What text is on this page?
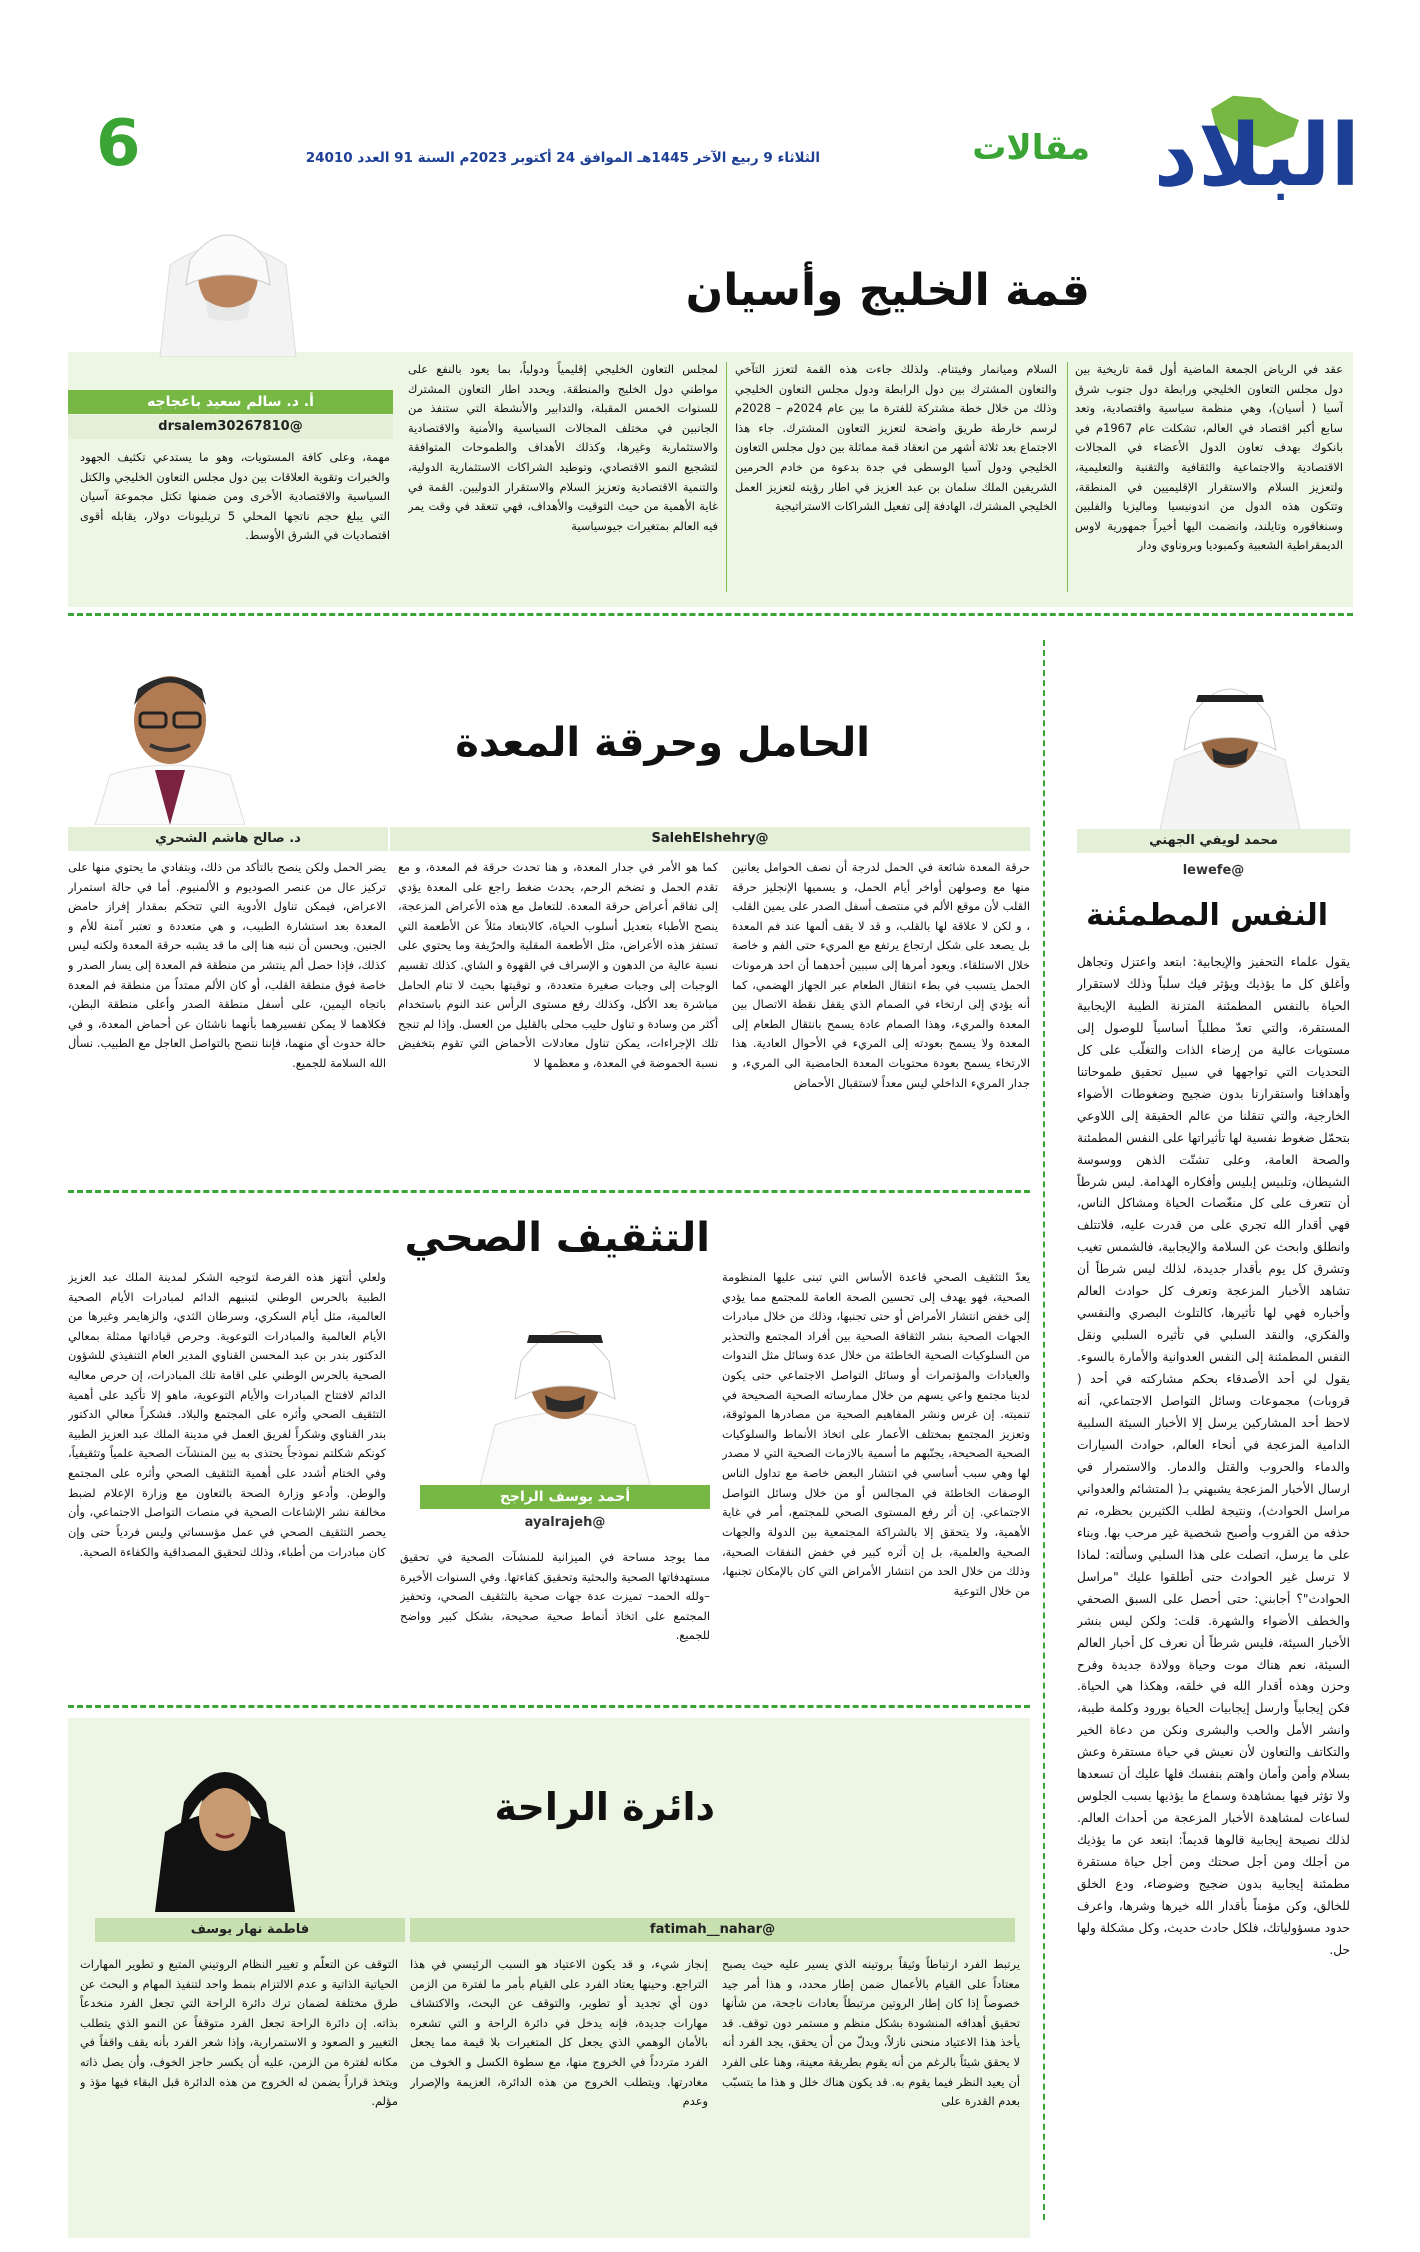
البلاد
مقالات
الثلاثاء 9 ربيع الآخر 1445هـ الموافق 24 أكتوبر 2023م السنة 91 العدد 24010
6
قمة الخليج وأسيان
أ. د. سالم سعيد باعجاجه
@drsalem30267810

عقد في الرياض الجمعة الماضية أول قمة تاريخية بين دول مجلس التعاون الخليجي ورابطة دول جنوب شرق آسيا ( أسيان)، وهي منظمة سياسية واقتصادية، وتعد سابع أكبر اقتصاد في العالم، تشكلت عام 1967م في بانكوك بهدف تعاون الدول الأعضاء في المجالات الاقتصادية والاجتماعية والثقافية والتقنية والتعليمية، ولتعزيز السلام والاستقرار الإقليميين في المنطقة، وتتكون هذه الدول من اندونيسيا وماليزيا والفلبين وسنغافوره وتايلند، وانضمت اليها أخيراً جمهورية لاوس الديمقراطية الشعبية وكمبوديا وبروناوي ودار

السلام وميانمار وفيتنام. ولذلك جاءت هذه القمة لتعزز التآخي والتعاون المشترك بين دول الرابطة ودول مجلس التعاون الخليجي وذلك من خلال خطة مشتركة للفترة ما بين عام 2024م – 2028م لرسم خارطة طريق واضحة لتعزيز التعاون المشترك. جاء هذا الاجتماع بعد ثلاثة أشهر من انعقاد قمة مماثلة بين دول مجلس التعاون الخليجي ودول آسيا الوسطى في جدة بدعوة من خادم الحرمين الشريفين الملك سلمان بن عبد العزيز في اطار رؤيته لتعزيز العمل الخليجي المشترك، الهادفة إلى تفعيل الشراكات الاستراتيجية

لمجلس التعاون الخليجي إقليمياً ودولياً، بما يعود بالنفع على مواطني دول الخليج والمنطقة. ويحدد اطار التعاون المشترك للسنوات الخمس المقبلة، والتدابير والأنشطة التي ستنفذ من الجانبين في مختلف المجالات السياسية والأمنية والاقتصادية والاستثمارية وغيرها، وكذلك الأهداف والطموحات المتوافقة لتشجيع النمو الاقتصادي، وتوطيد الشراكات الاستثمارية الدولية، والتنمية الاقتصادية وتعزيز السلام والاستقرار الدوليين. القمة في غاية الأهمية من حيث التوقيت والأهداف، فهي تنعقد في وقت يمر فيه العالم بمتغيرات جيوسياسية

مهمة، وعلى كافة المستويات، وهو ما يستدعي تكثيف الجهود والخبرات وتقوية العلاقات بين دول مجلس التعاون الخليجي والكتل السياسية والاقتصادية الأخرى ومن ضمنها تكتل مجموعة آسيان التي يبلغ حجم ناتجها المحلي 5 تريليونات دولار، يقابله أقوى اقتصاديات في الشرق الأوسط.

الحامل وحرقة المعدة
د. صالح هاشم الشحري	@SalehElshehry

حرقة المعدة شائعة في الحمل لدرجة أن نصف الحوامل يعانين منها مع وصولهن أواخر أيام الحمل، و يسميها الإنجليز حرقة القلب لأن موقع الألم في منتصف أسفل الصدر على يمين القلب ، و لكن لا علاقة لها بالقلب، و قد لا يقف ألمها عند فم المعدة بل يصعد على شكل ارتجاع يرتفع مع المريء حتى الفم و خاصة خلال الاستلقاء. ويعود أمرها إلى سببين أحدهما أن احد هرمونات الحمل يتسبب في بطء انتقال الطعام عبر الجهاز الهضمي، كما أنه يؤدي إلى ارتخاء في الصمام الذي يقفل نقطة الاتصال بين المعدة والمريء، وهذا الصمام عادة يسمح بانتقال الطعام إلى المعدة ولا يسمح بعودته إلى المريء في الأحوال العادية. هذا الارتخاء يسمح بعودة محتويات المعدة الحامضية الى المريء، و جدار المريء الداخلي ليس معداً لاستقبال الأحماض

كما هو الأمر في جدار المعدة، و هنا تحدث حرقة فم المعدة، و مع تقدم الحمل و تضخم الرحم، يحدث ضغط راجع على المعدة يؤدي إلى تفاقم أعراض حرقة المعدة. للتعامل مع هذه الأعراض المزعجة، ينصح الأطباء بتعديل أسلوب الحياة، كالابتعاد مثلاً عن الأطعمة التي تستفز هذه الأعراض، مثل الأطعمة المقلية والحرّيفة وما يحتوي على نسبة عالية من الدهون و الإسراف في القهوة و الشاي. كذلك تقسيم الوجبات إلى وجبات صغيرة متعددة، و توقيتها بحيث لا تنام الحامل مباشرة بعد الأكل، وكذلك رفع مستوى الرأس عند النوم باستخدام أكثر من وسادة و تناول حليب محلى بالقليل من العسل. وإذا لم تنجح تلك الإجراءات، يمكن تناول معادلات الأحماض التي تقوم بتخفيض نسبة الحموضة في المعدة، و معظمها لا

يضر الحمل ولكن ينصح بالتأكد من ذلك، وبتفادي ما يحتوي منها على تركيز عال من عنصر الصوديوم و الألمنيوم. أما في حالة استمرار الاعراض، فيمكن تناول الأدوية التي تتحكم بمقدار إفراز حامض المعدة بعد استشارة الطبيب، و هي متعددة و تعتبر آمنة للأم و الجنين. ويحسن أن ننبه هنا إلى ما قد يشبه حرقة المعدة ولكنه ليس كذلك، فإذا حصل ألم ينتشر من منطقة فم المعدة إلى يسار الصدر و خاصة فوق منطقة القلب، أو كان الألم ممتداً من منطقة فم المعدة باتجاه اليمين، على أسفل منطقة الصدر وأعلى منطقة البطن، فكلاهما لا يمكن تفسيرهما بأنهما ناشئان عن أحماض المعدة، و في حالة حدوث أي منهما، فإننا ننصح بالتواصل العاجل مع الطبيب. نسأل الله السلامة للجميع.

محمد لويفي الجهني
@lewefe
النفس المطمئنة

يقول علماء التحفيز والإيجابية: ابتعد واعتزل وتجاهل وأغلق كل ما يؤذيك ويؤثر فيك سلباً وذلك لاستقرار الحياة بالنفس المطمئنة المتزنة الطيبة الإيجابية المستقرة، والتي تعدّ مطلباً أساسياً للوصول إلى مستويات عالية من إرضاء الذات والتغلّب على كل التحديات التي تواجهها في سبيل تحقيق طموحاتنا وأهدافنا واستقرارنا بدون ضجيج وضغوطات الأضواء الخارجية، والتي تنقلنا من عالم الحقيقة إلى اللاوعي بتحمّل ضغوط نفسية لها تأثيراتها على النفس المطمئنة والصحة العامة، وعلى تشتّت الذهن ووسوسة الشيطان، وتلبيس إبليس وأفكاره الهدامة. ليس شرطاً أن تتعرف على كل منغّصات الحياة ومشاكل الناس، فهي أقدار الله تجري على من قدرت عليه، فلاتتلف وانطلق وابحث عن السلامة والإيجابية، فالشمس تغيب وتشرق كل يوم بأقدار جديدة، لذلك ليس شرطاً أن تشاهد الأخبار المزعجة وتعرف كل حوادث العالم وأخباره فهي لها تأثيرها، كالتلوث البصري والنفسي والفكري، والنقد السلبي في تأثيره السلبي ونقل النفس المطمئنة إلى النفس العدوانية والأمارة بالسوء. يقول لي أحد الأصدقاء بحكم مشاركته في أحد ( قروبات) مجموعات وسائل التواصل الاجتماعي، أنه لاحظ أحد المشاركين يرسل إلا الأخبار السيئة السلبية الدامية المزعجة في أنحاء العالم، حوادث السيارات والدماء والحروب والقتل والدمار. والاستمرار في ارسال الأخبار المزعجة يشبهني بـ( المتشائم والعدواني مراسل الحوادث)، ونتيجة لطلب الكثيرين بحظره، تم حذفه من القروب وأصبح شخصية غير مرحب بها. وبناء على ما يرسل، اتصلت على هذا السلبي وسألته: لماذا لا ترسل غير الحوادث حتى أطلقوا عليك "مراسل الحوادث"؟ أجابني: حتى أحصل على السبق الصحفي والخطف الأضواء والشهرة. قلت: ولكن ليس بنشر الأخبار السيئة، فليس شرطاً أن نعرف كل أخبار العالم السيئة، نعم هناك موت وحياة وولادة جديدة وفرح وحزن وهذه أقدار الله في خلقه، وهكذا هي الحياة. فكن إيجابياً وارسل إيجابيات الحياة بورود وكلمة طيبة، وانشر الأمل والحب والبشرى ونكن من دعاة الخير والتكاتف والتعاون لأن نعيش في حياة مستقرة وعش بسلام وأمن وأمان واهتم بنفسك فلها عليك أن تسعدها ولا تؤثر فيها بمشاهدة وسماع ما يؤذيها بسبب الجلوس لساعات لمشاهدة الأخبار المزعجة من أحداث العالم. لذلك نصيحة إيجابية قالوها قديماً: ابتعد عن ما يؤذيك من أجلك ومن أجل صحتك ومن أجل حياة مستقرة مطمئنة إيجابية بدون ضجيج وضوضاء، ودع الخلق للخالق، وكن مؤمناً بأقدار الله خيرها وشرها، واعرف حدود مسؤولياتك، فلكل حادث حديث، وكل مشكلة ولها حل.

التثقيف الصحي
أحمد يوسف الراجح
@ayalrajeh

يعدّ التثقيف الصحي قاعدة الأساس التي تبنى عليها المنظومة الصحية، فهو يهدف إلى تحسين الصحة العامة للمجتمع مما يؤدي إلى خفض انتشار الأمراض أو حتى تجنبها، وذلك من خلال مبادرات الجهات الصحية بنشر الثقافة الصحية بين أفراد المجتمع والتحذير من السلوكيات الصحية الخاطئة من خلال عدة وسائل مثل الندوات والعيادات والمؤتمرات أو وسائل التواصل الاجتماعي حتى يكون لدينا مجتمع واعي يسهم من خلال ممارساته الصحية الصحيحة في تنميته. إن غرس ونشر المفاهيم الصحية من مصادرها الموثوقة، وتعزيز المجتمع بمختلف الأعمار على اتخاذ الأنماط والسلوكيات الصحية الصحيحة، يجنّبهم ما أسمية بالازمات الصحية التي لا مصدر لها وهي سبب أساسي في انتشار البعض خاصة مع تداول الناس الوصفات الخاطئة في المجالس أو من خلال وسائل التواصل الاجتماعي. إن أثر رفع المستوى الصحي للمجتمع، أمر في غاية الأهمية، ولا يتحقق إلا بالشراكة المجتمعية بين الدولة والجهات الصحية والعلمية، بل إن أثره كبير في خفض النفقات الصحية، وذلك من خلال الحد من انتشار الأمراض التي كان بالإمكان تجنبها، من خلال التوعية

مما يوجد مساحة في الميزانية للمنشآت الصحية في تحقيق مستهدفاتها الصحية والبحثية وتحقيق كفاءتها. وفي السنوات الأخيرة –ولله الحمد– تميزت عدة جهات صحية بالتثقيف الصحي، وتحفيز المجتمع على اتخاذ أنماط صحية صحيحة، بشكل كبير وواضح للجميع.

ولعلي أنتهز هذه الفرصة لتوجيه الشكر لمدينة الملك عبد العزيز الطبية بالحرس الوطني لتبنيهم الدائم لمبادرات الأيام الصحية العالمية، مثل أيام السكري، وسرطان الثدي، والزهايمر وغيرها من الأيام العالمية والمبادرات التوعوية. وحرص قياداتها ممثلة بمعالي الدكتور بندر بن عبد المحسن القناوي المدير العام التنفيذي للشؤون الصحية بالحرس الوطني على اقامة تلك المبادرات، إن حرص معاليه الدائم لافتتاح المبادرات والأيام التوعوية، ماهو إلا تأكيد على أهمية التثقيف الصحي وأثره على المجتمع والبلاد. فشكراً معالي الدكتور بندر القناوي وشكراً لفريق العمل في مدينة الملك عبد العزيز الطبية كونكم شكلتم نموذجاً يحتذى به بين المنشآت الصحية علمياً وتثقيفياً، وفي الختام أشدد على أهمية التثقيف الصحي وأثره على المجتمع والوطن. وأدعو وزارة الصحة بالتعاون مع وزارة الإعلام لضبط مخالفة نشر الإشاعات الصحية في منصات التواصل الاجتماعي، وأن يحصر التثقيف الصحي في عمل مؤسساتي وليس فردياً حتى وإن كان مبادرات من أطباء، وذلك لتحقيق المصداقية والكفاءة الصحية.

دائرة الراحة
فاطمة نهار يوسف	@fatimah__nahar

يرتبط الفرد ارتباطاً وثيقاً بروتينه الذي يسير عليه حيث يصبح معتاداً على القيام بالأعمال ضمن إطار محدد، و هذا أمر جيد خصوصاً إذا كان إطار الروتين مرتبطاً بعادات ناجحة، من شأنها تحقيق أهدافه المنشودة بشكل منظم و مستمر دون توقف. قد يأخذ هذا الاعتياد منحنى نازلاً، ويدلّ من أن يحقق، يجد الفرد أنه لا يحقق شيئاً بالرغم من أنه يقوم بطريقة معينة، وهنا على الفرد أن يعيد النظر فيما يقوم به. قد يكون هناك خلل و هذا ما يتسبّب بعدم القدرة على

إنجاز شيء، و قد يكون الاعتياد هو السبب الرئيسي في هذا التراجع. وحينها يعتاد الفرد على القيام بأمر ما لفترة من الزمن دون أي تجديد أو تطوير، والتوقف عن البحث، والاكتشاف مهارات جديدة، فإنه يدخل في دائرة الراحة و التي تشعره بالأمان الوهمي الذي يجعل كل المتغيرات بلا قيمة مما يجعل الفرد متردداً في الخروج منها، مع سطوة الكسل و الخوف من مغادرتها. ويتطلب الخروج من هذه الدائرة، العزيمة والإصرار وعدم

التوقف عن التعلّم و تغيير النظام الروتيني المتبع و تطوير المهارات الحياتية الذاتية و عدم الالتزام بنمط واحد لتنفيذ المهام و البحث عن طرق مختلفة لضمان ترك دائرة الراحة التي تجعل الفرد منخدعاً بذاته. إن دائرة الراحة تجعل الفرد متوقفاً عن النمو الذي يتطلب التغيير و الصعود و الاستمرارية، وإذا شعر الفرد بأنه يقف واقفاً في مكانه لفترة من الزمن، عليه أن يكسر حاجز الخوف، وأن يصل ذاته ويتخذ قراراً يضمن له الخروج من هذه الدائرة قبل البقاء فيها مؤذ و مؤلم.
